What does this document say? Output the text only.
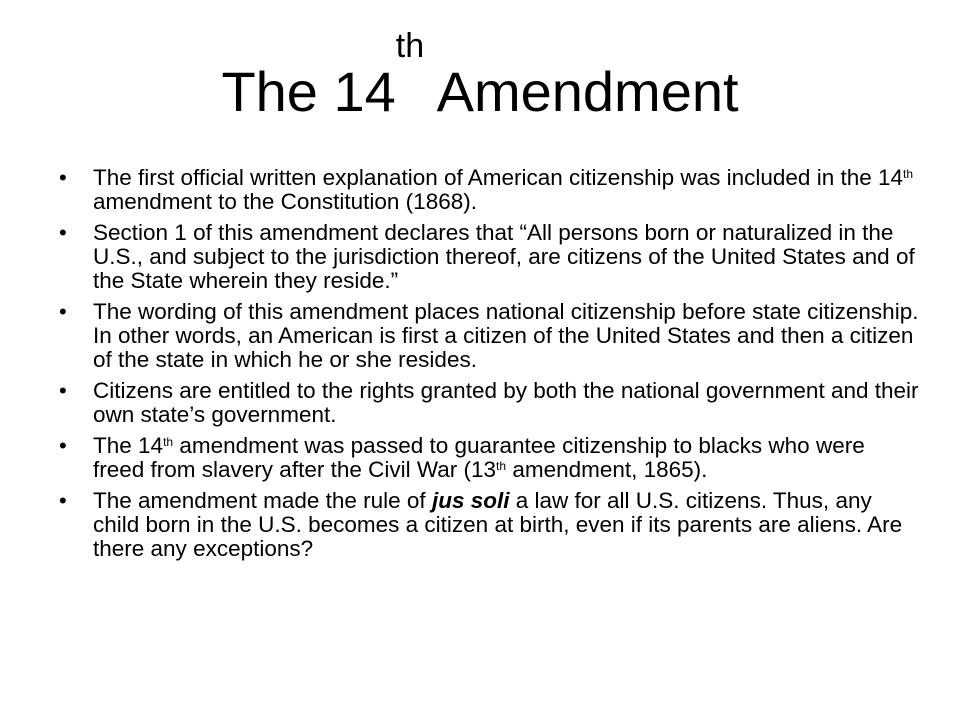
The 14th Amendment
• The first official written explanation of American citizenship was included in the 14th amendment to the Constitution (1868).
• Section 1 of this amendment declares that “All persons born or naturalized in the U.S., and subject to the jurisdiction thereof, are citizens of the United States and of the State wherein they reside.”
• The wording of this amendment places national citizenship before state citizenship. In other words, an American is first a citizen of the United States and then a citizen of the state in which he or she resides.
• Citizens are entitled to the rights granted by both the national government and their own state’s government.
• The 14th amendment was passed to guarantee citizenship to blacks who were freed from slavery after the Civil War (13th amendment, 1865).
• The amendment made the rule of jus soli a law for all U.S. citizens. Thus, any child born in the U.S. becomes a citizen at birth, even if its parents are aliens. Are there any exceptions?
